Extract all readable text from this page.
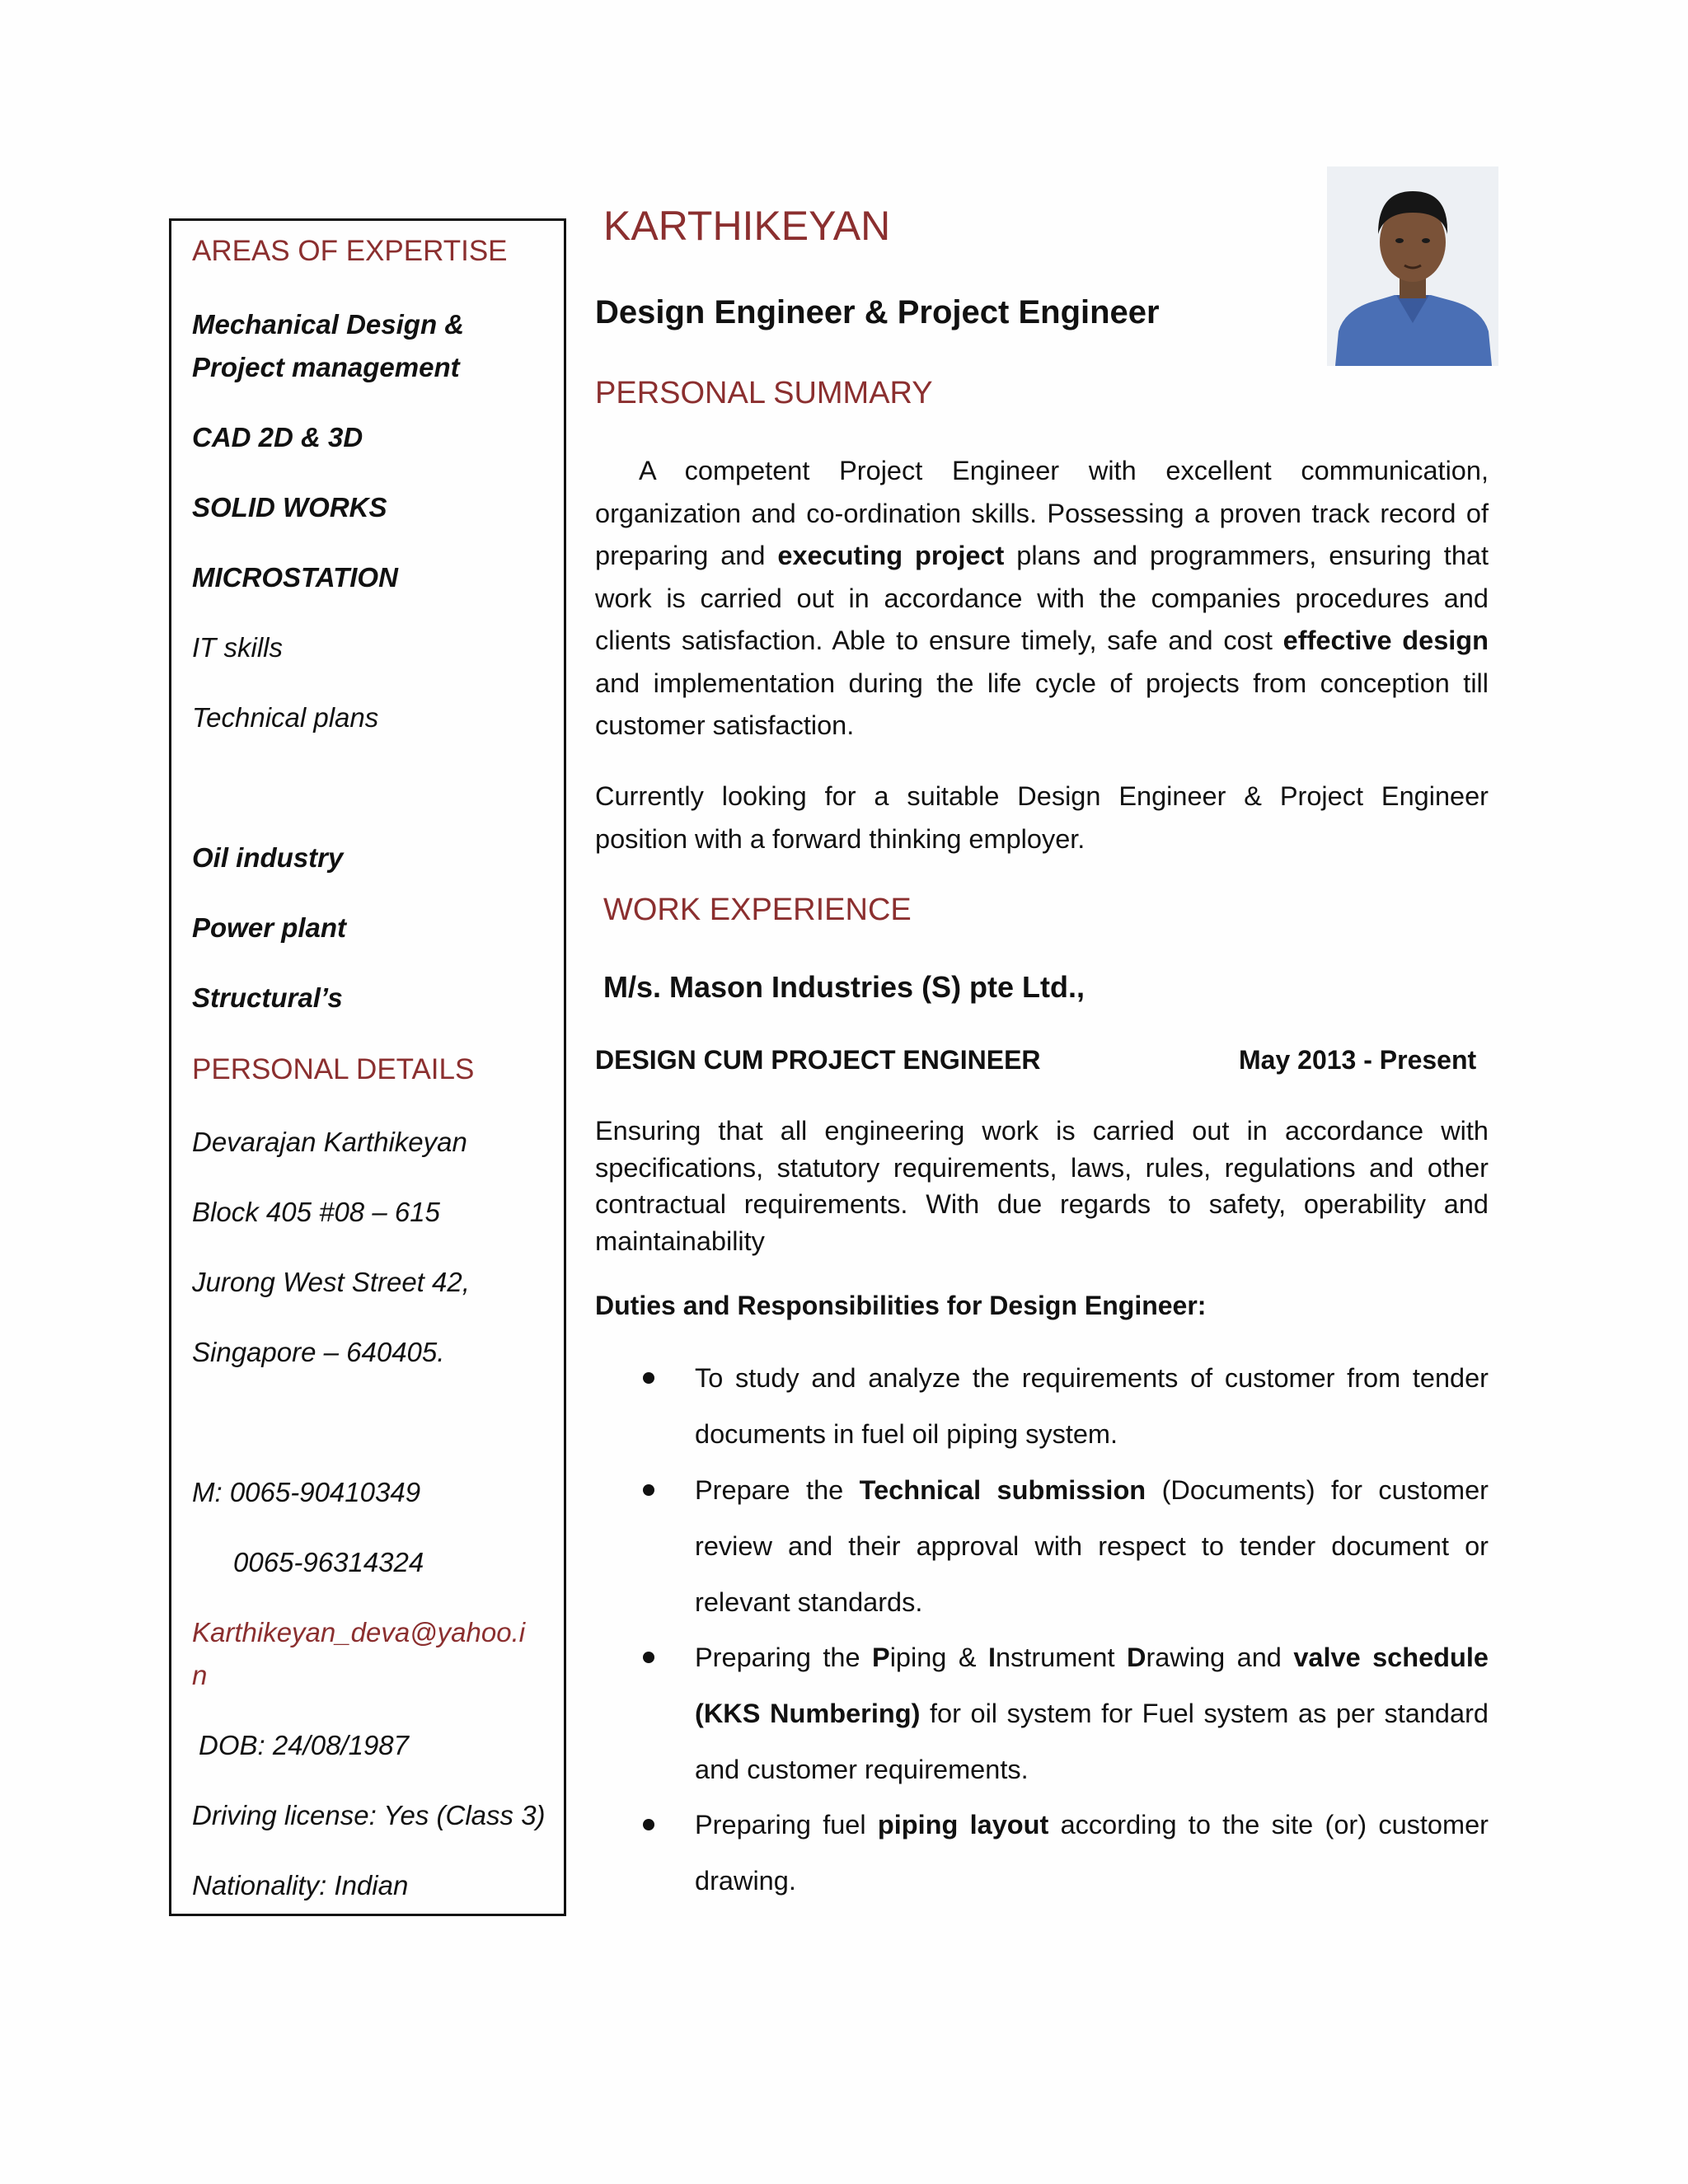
AREAS OF EXPERTISE
Mechanical Design &
Project management
CAD 2D & 3D
SOLID WORKS
MICROSTATION
IT skills
Technical plans
Oil industry
Power plant
Structural’s
PERSONAL DETAILS
Devarajan Karthikeyan
Block 405 #08 – 615
Jurong West Street 42,
Singapore – 640405.
M: 0065-90410349
0065-96314324
Karthikeyan_deva@yahoo.i
n
DOB: 24/08/1987
Driving license: Yes (Class 3)
Nationality: Indian
KARTHIKEYAN
Design Engineer & Project Engineer
PERSONAL SUMMARY
A competent Project Engineer with excellent communication, organization and co-ordination skills. Possessing a proven track record of preparing and executing project plans and programmers, ensuring that work is carried out in accordance with the companies procedures and clients satisfaction. Able to ensure timely, safe and cost effective design and implementation during the life cycle of projects from conception till customer satisfaction.
Currently looking for a suitable Design Engineer & Project Engineer position with a forward thinking employer.
WORK EXPERIENCE
M/s. Mason Industries (S) pte Ltd.,
DESIGN CUM PROJECT ENGINEER	May 2013 - Present
Ensuring that all engineering work is carried out in accordance with specifications, statutory requirements, laws, rules, regulations and other contractual requirements. With due regards to safety, operability and maintainability
Duties and Responsibilities for Design Engineer:
To study and analyze the requirements of customer from tender documents in fuel oil piping system.
Prepare the Technical submission (Documents) for customer review and their approval with respect to tender document or relevant standards.
Preparing the Piping & Instrument Drawing and valve schedule (KKS Numbering) for oil system for Fuel system as per standard and customer requirements.
Preparing fuel piping layout according to the site (or) customer drawing.
